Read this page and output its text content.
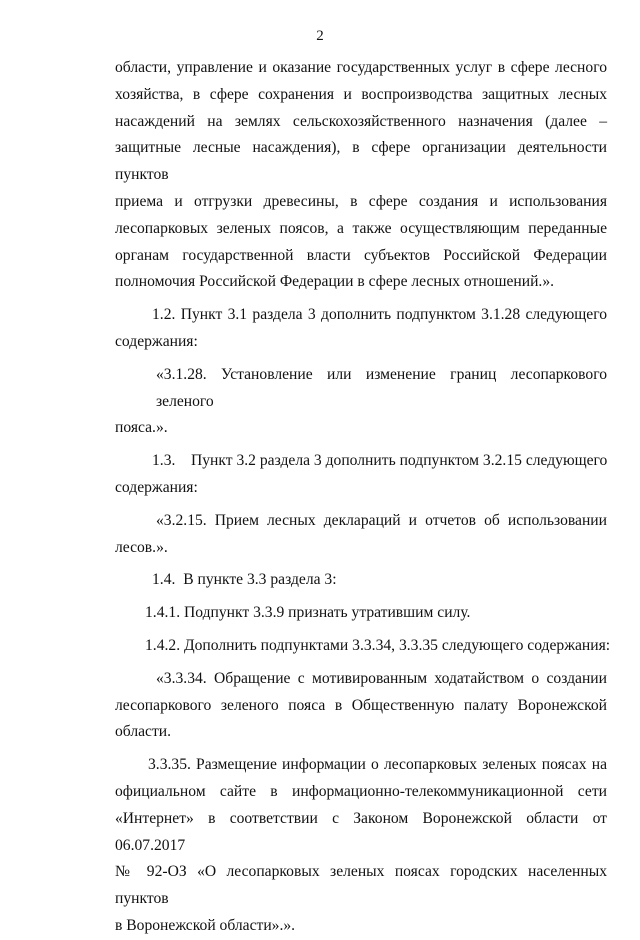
2
области, управление и оказание государственных услуг в сфере лесного
хозяйства, в сфере сохранения и воспроизводства защитных лесных
насаждений на землях сельскохозяйственного назначения (далее –
защитные лесные насаждения), в сфере организации деятельности пунктов
приема и отгрузки древесины, в сфере создания и использования
лесопарковых зеленых поясов, а также осуществляющим переданные
органам государственной власти субъектов Российской Федерации
полномочия Российской Федерации в сфере лесных отношений.».
1.2. Пункт 3.1 раздела 3 дополнить подпунктом 3.1.28 следующего
содержания:
«3.1.28. Установление или изменение границ лесопаркового зеленого
пояса.».
1.3.    Пункт 3.2 раздела 3 дополнить подпунктом 3.2.15 следующего
содержания:
«3.2.15. Прием лесных деклараций и отчетов об использовании
лесов.».
1.4.  В пункте 3.3 раздела 3:
1.4.1. Подпункт 3.3.9 признать утратившим силу.
1.4.2. Дополнить подпунктами 3.3.34, 3.3.35 следующего содержания:
«3.3.34. Обращение с мотивированным ходатайством о создании
лесопаркового зеленого пояса в Общественную палату Воронежской
области.
3.3.35. Размещение информации о лесопарковых зеленых поясах на
официальном сайте в информационно-телекоммуникационной сети
«Интернет» в соответствии с Законом Воронежской области от 06.07.2017
№ 92-ОЗ «О лесопарковых зеленых поясах городских населенных пунктов
в Воронежской области».».
